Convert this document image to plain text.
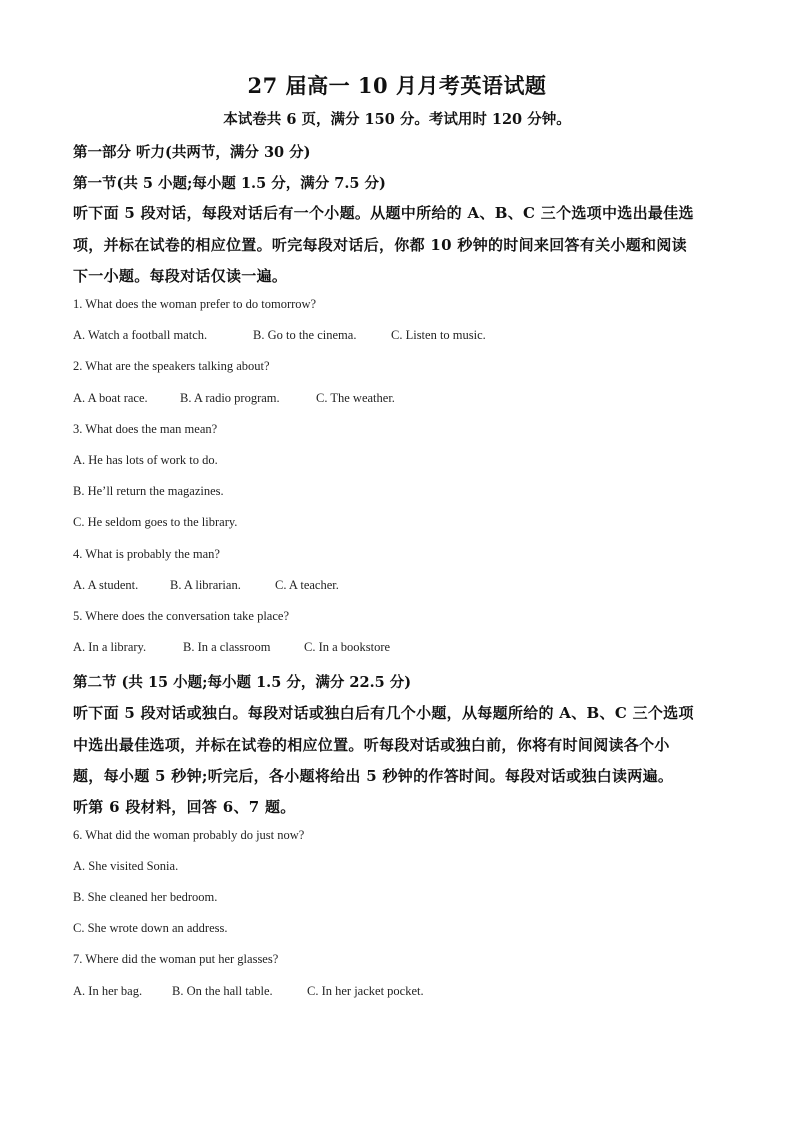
27 届高一 10 月月考英语试题
本试卷共 6 页，满分 150 分。考试用时 120 分钟。
第一部分 听力(共两节，满分 30 分)
第一节(共 5 小题;每小题 1.5 分，满分 7.5 分)
听下面 5 段对话，每段对话后有一个小题。从题中所给的 A、B、C 三个选项中选出最佳选
项，并标在试卷的相应位置。听完每段对话后，你都 10 秒钟的时间来回答有关小题和阅读
下一小题。每段对话仅读一遍。
1. What does the woman prefer to do tomorrow?
A. Watch a football match.	B. Go to the cinema.	C. Listen to music.
2. What are the speakers talking about?
A. A boat race.	B. A radio program.	C. The weather.
3. What does the man mean?
A. He has lots of work to do.
B. He’ll return the magazines.
C. He seldom goes to the library.
4. What is probably the man?
A. A student.	B. A librarian.	C. A teacher.
5. Where does the conversation take place?
A. In a library.	B. In a classroom	C. In a bookstore
第二节 (共 15 小题;每小题 1.5 分，满分 22.5 分)
听下面 5 段对话或独白。每段对话或独白后有几个小题，从每题所给的 A、B、C 三个选项
中选出最佳选项，并标在试卷的相应位置。听每段对话或独白前，你将有时间阅读各个小
题，每小题 5 秒钟;听完后，各小题将给出 5 秒钟的作答时间。每段对话或独白读两遍。
听第 6 段材料，回答 6、7 题。
6. What did the woman probably do just now?
A. She visited Sonia.
B. She cleaned her bedroom.
C. She wrote down an address.
7. Where did the woman put her glasses?
A. In her bag. B. On the hall table.	C. In her jacket pocket.
